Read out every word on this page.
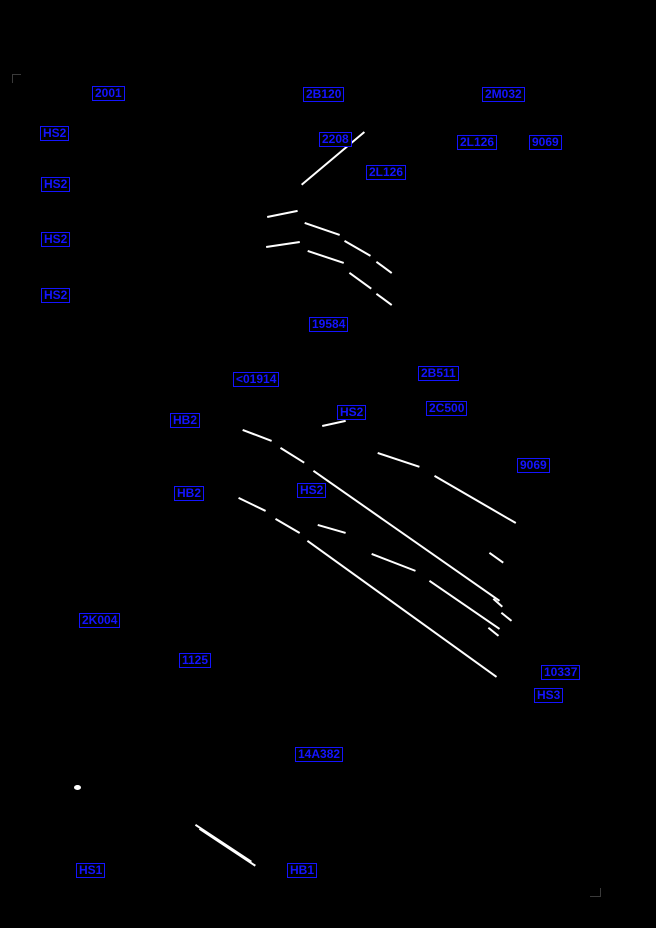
2001	2B120	2M032
HS2	2208	2L126	9069
2L126
HS2
HS2
HS2
19584
2B511
<01914
2C500
HS2
HB2
9069
HB2	HS2
2K004
1125
10337
HS3
14A382
HS1	HB1
